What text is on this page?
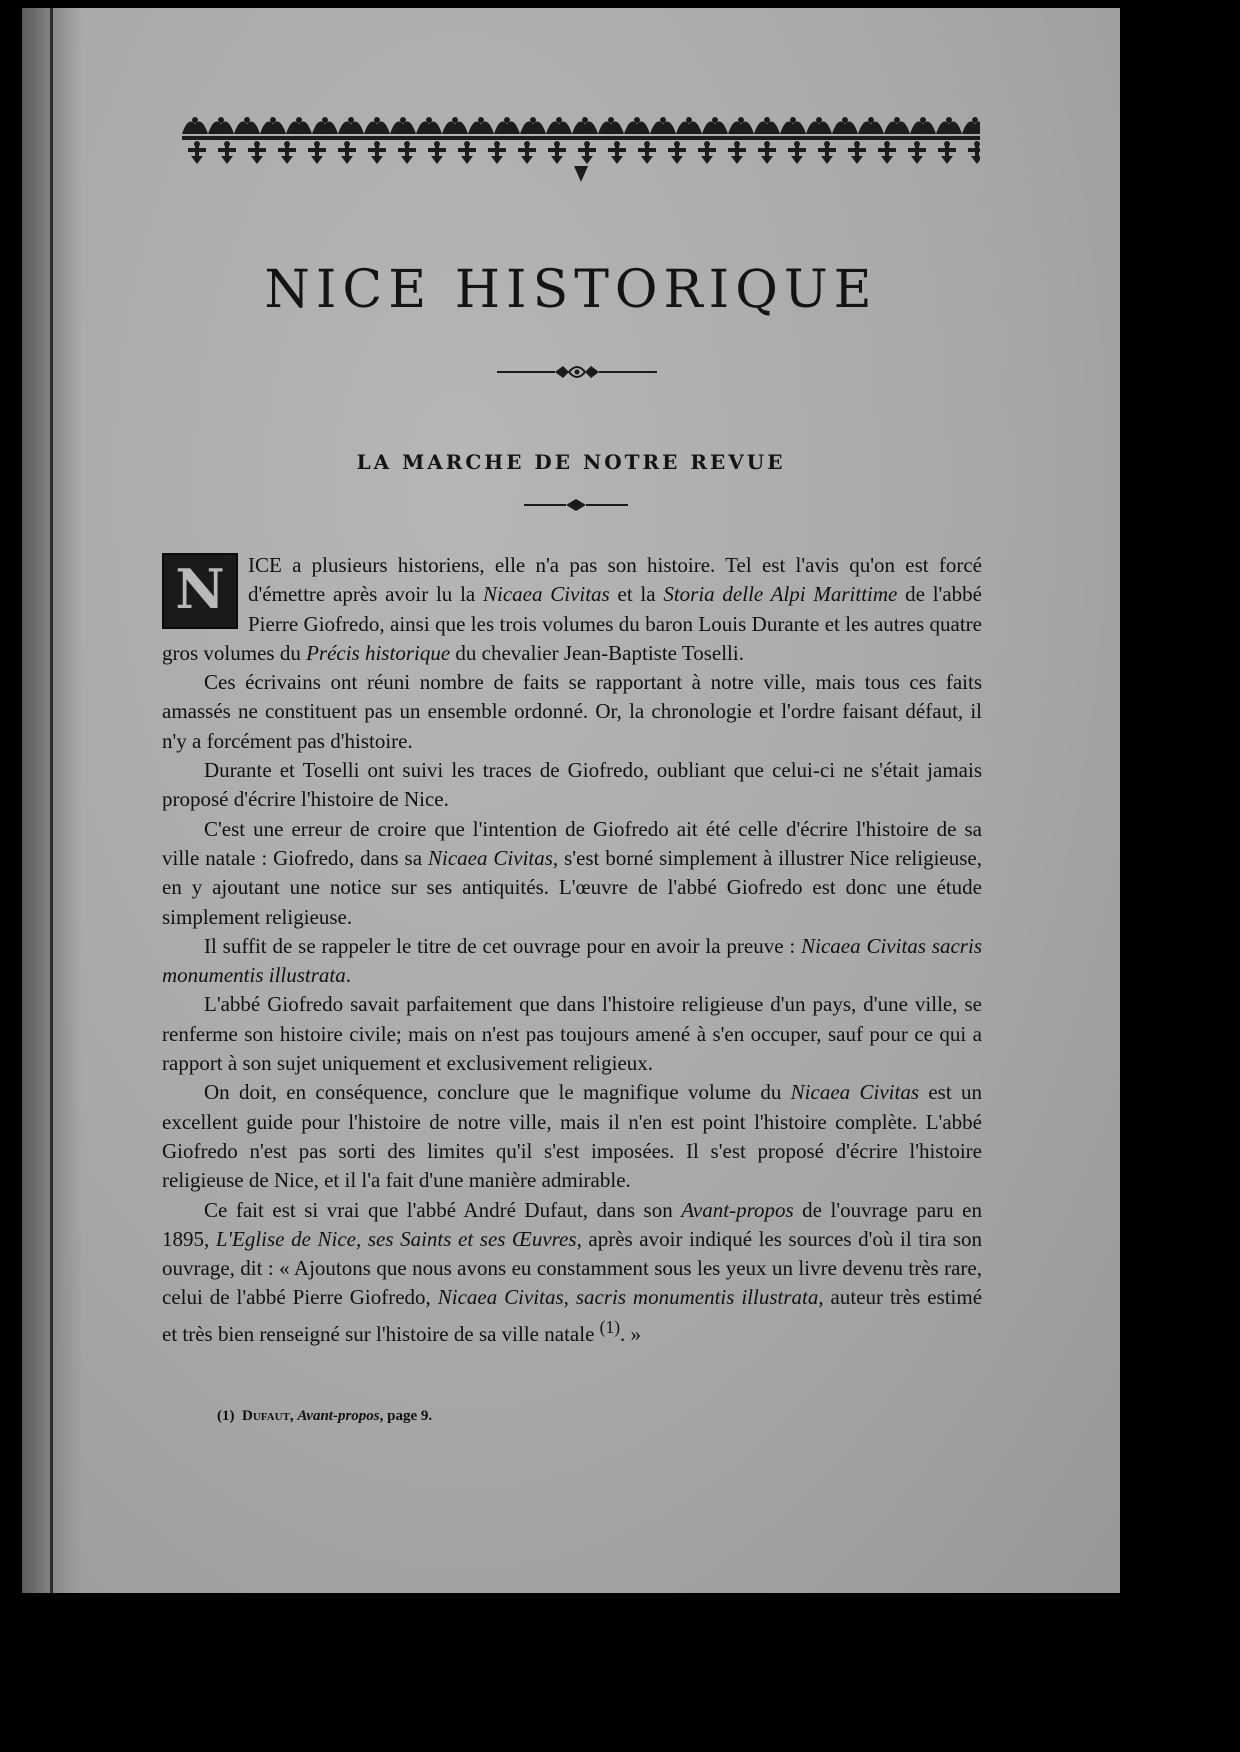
NICE HISTORIQUE
LA MARCHE DE NOTRE REVUE

N	ICE a plusieurs historiens, elle n'a pas son histoire. Tel est l'avis qu'on est forcé d'émettre après avoir lu la Nicaea Civitas et la Storia delle Alpi Marittime de l'abbé Pierre Giofredo, ainsi que les trois volumes du baron Louis Durante et les autres quatre gros volumes du Précis historique du chevalier Jean-Baptiste Toselli.

Ces écrivains ont réuni nombre de faits se rapportant à notre ville, mais tous ces faits amassés ne constituent pas un ensemble ordonné. Or, la chronologie et l'ordre faisant défaut, il n'y a forcément pas d'histoire.

Durante et Toselli ont suivi les traces de Giofredo, oubliant que celui-ci ne s'était jamais proposé d'écrire l'histoire de Nice.

C'est une erreur de croire que l'intention de Giofredo ait été celle d'écrire l'histoire de sa ville natale : Giofredo, dans sa Nicaea Civitas, s'est borné simplement à illustrer Nice religieuse, en y ajoutant une notice sur ses antiquités. L'œuvre de l'abbé Giofredo est donc une étude simplement religieuse.

Il suffit de se rappeler le titre de cet ouvrage pour en avoir la preuve : Nicaea Civitas sacris monumentis illustrata.

L'abbé Giofredo savait parfaitement que dans l'histoire religieuse d'un pays, d'une ville, se renferme son histoire civile; mais on n'est pas toujours amené à s'en occuper, sauf pour ce qui a rapport à son sujet uniquement et exclusivement religieux.

On doit, en conséquence, conclure que le magnifique volume du Nicaea Civitas est un excellent guide pour l'histoire de notre ville, mais il n'en est point l'histoire complète. L'abbé Giofredo n'est pas sorti des limites qu'il s'est imposées. Il s'est proposé d'écrire l'histoire religieuse de Nice, et il l'a fait d'une manière admirable.

Ce fait est si vrai que l'abbé André Dufaut, dans son Avant-propos de l'ouvrage paru en 1895, L'Eglise de Nice, ses Saints et ses Œuvres, après avoir indiqué les sources d'où il tira son ouvrage, dit : « Ajoutons que nous avons eu constamment sous les yeux un livre devenu très rare, celui de l'abbé Pierre Giofredo, Nicaea Civitas, sacris monumentis illustrata, auteur très estimé et très bien renseigné sur l'histoire de sa ville natale $^{(1)}$. »

(1) Dufaut, Avant-propos, page 9.
